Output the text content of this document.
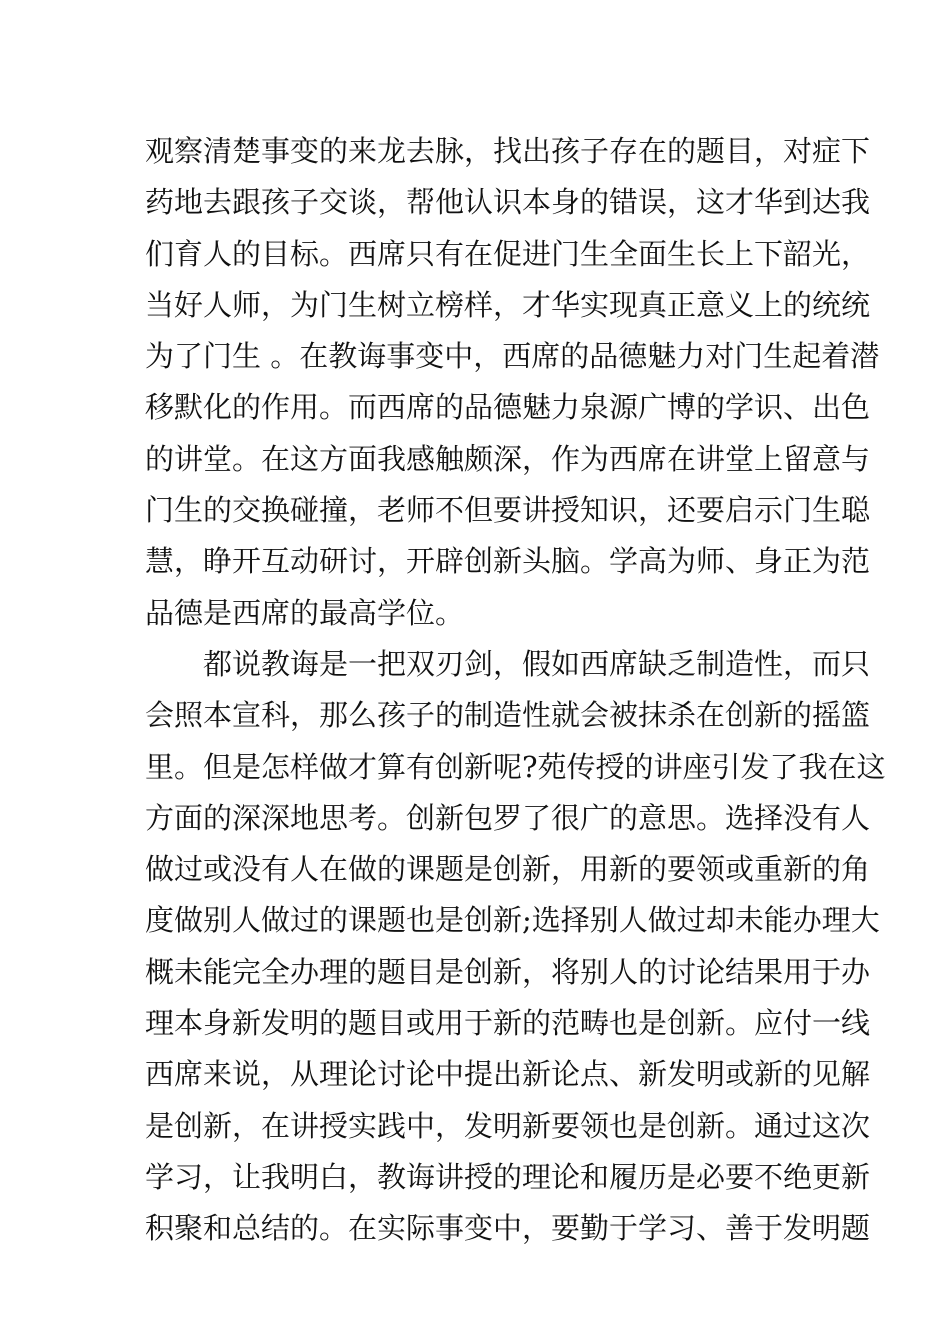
观察清楚事变的来龙去脉，找出孩子存在的题目，对症下
药地去跟孩子交谈，帮他认识本身的错误，这才华到达我
们育人的目标。西席只有在促进门生全面生长上下韶光，
当好人师，为门生树立榜样，才华实现真正意义上的统统
为了门生 。在教诲事变中，西席的品德魅力对门生起着潜
移默化的作用。而西席的品德魅力泉源广博的学识、出色
的讲堂。在这方面我感触颇深，作为西席在讲堂上留意与
门生的交换碰撞，老师不但要讲授知识，还要启示门生聪
慧，睁开互动研讨，开辟创新头脑。学高为师、身正为范
品德是西席的最高学位。
都说教诲是一把双刃剑，假如西席缺乏制造性，而只
会照本宣科，那么孩子的制造性就会被抹杀在创新的摇篮
里。但是怎样做才算有创新呢?苑传授的讲座引发了我在这
方面的深深地思考。创新包罗了很广的意思。选择没有人
做过或没有人在做的课题是创新，用新的要领或重新的角
度做别人做过的课题也是创新;选择别人做过却未能办理大
概未能完全办理的题目是创新，将别人的讨论结果用于办
理本身新发明的题目或用于新的范畴也是创新。应付一线
西席来说，从理论讨论中提出新论点、新发明或新的见解
是创新，在讲授实践中，发明新要领也是创新。通过这次
学习，让我明白，教诲讲授的理论和履历是必要不绝更新
积聚和总结的。在实际事变中，要勤于学习、善于发明题
